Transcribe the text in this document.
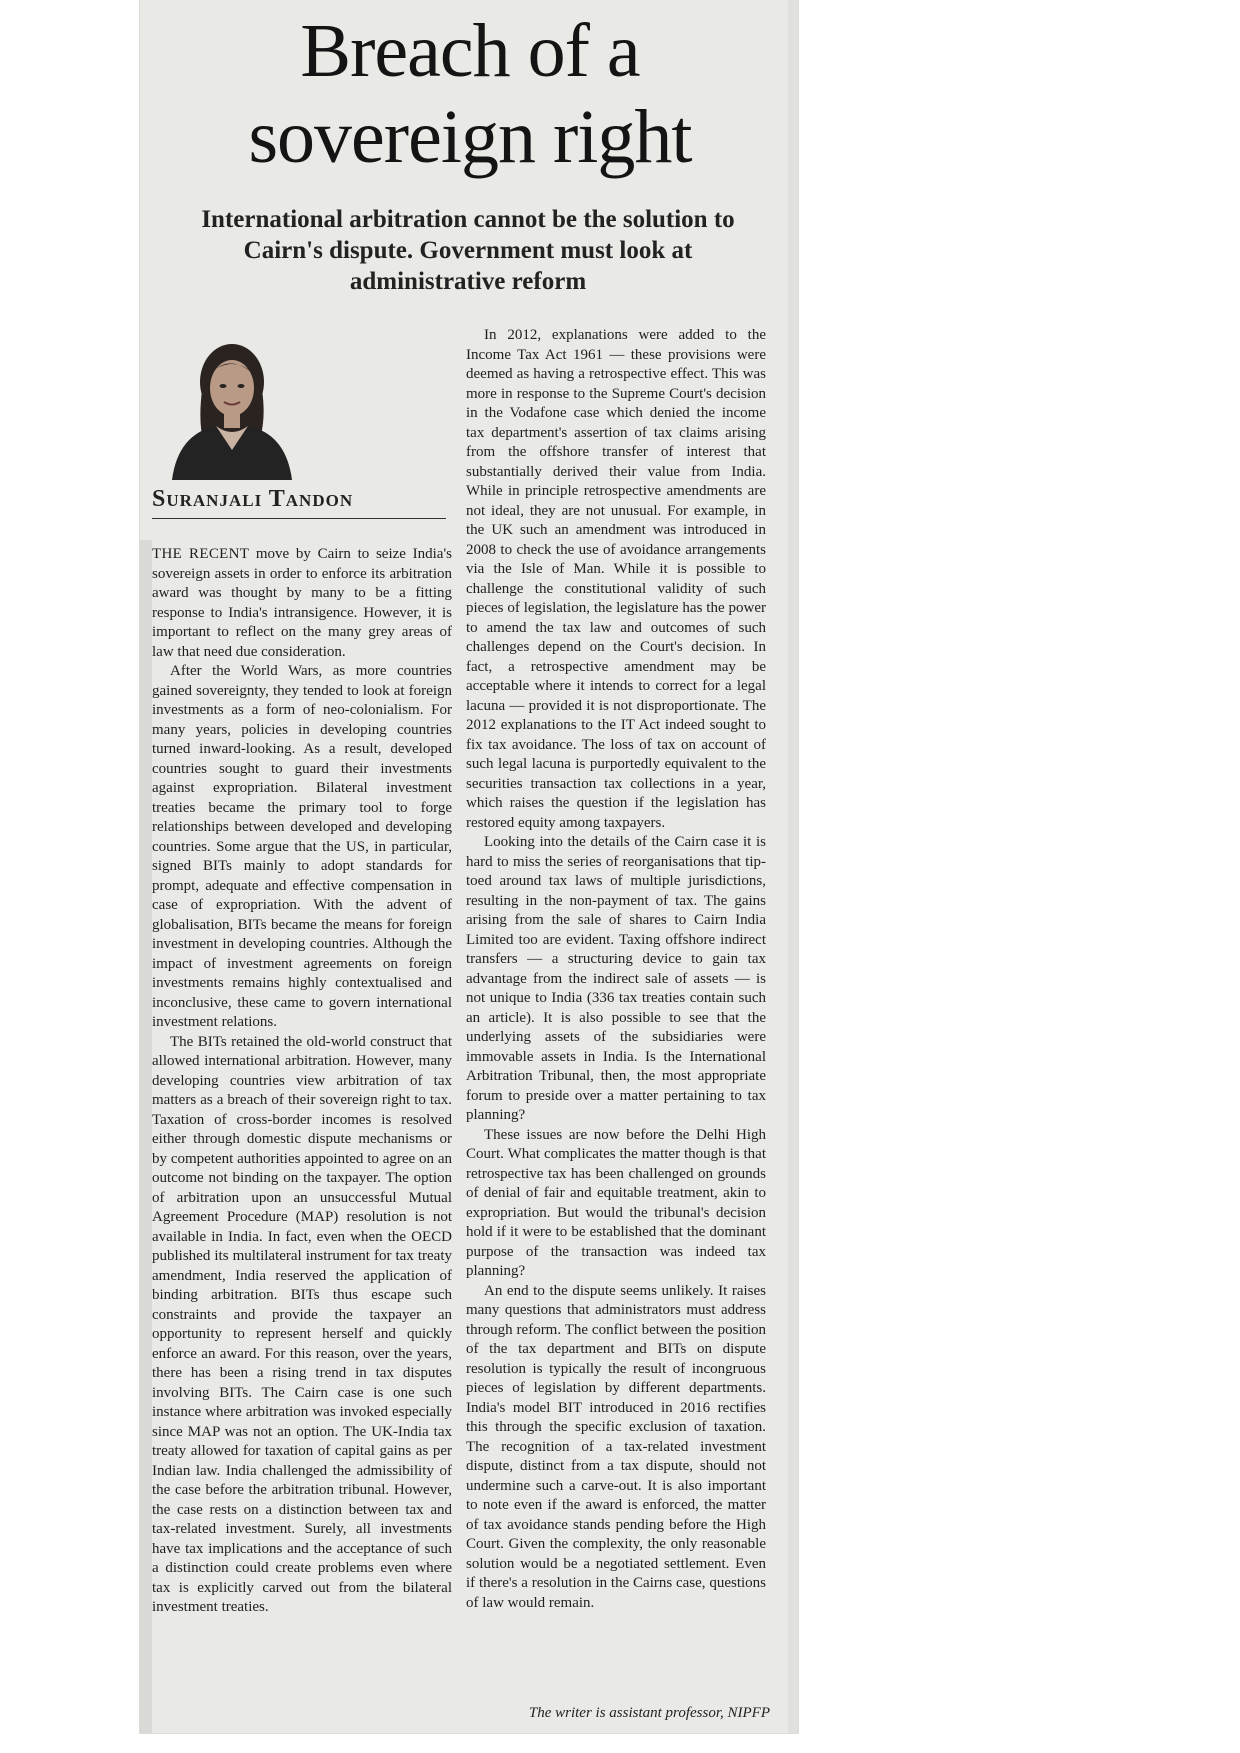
Breach of a sovereign right
International arbitration cannot be the solution to Cairn's dispute. Government must look at administrative reform
Suranjali Tandon

THE RECENT move by Cairn to seize India's sovereign assets in order to enforce its arbitration award was thought by many to be a fitting response to India's intransigence. However, it is important to reflect on the many grey areas of law that need due consideration.

After the World Wars, as more countries gained sovereignty, they tended to look at foreign investments as a form of neo-colonialism. For many years, policies in developing countries turned inward-looking. As a result, developed countries sought to guard their investments against expropriation. Bilateral investment treaties became the primary tool to forge relationships between developed and developing countries. Some argue that the US, in particular, signed BITs mainly to adopt standards for prompt, adequate and effective compensation in case of expropriation. With the advent of globalisation, BITs became the means for foreign investment in developing countries. Although the impact of investment agreements on foreign investments remains highly contextualised and inconclusive, these came to govern international investment relations.

The BITs retained the old-world construct that allowed international arbitration. However, many developing countries view arbitration of tax matters as a breach of their sovereign right to tax. Taxation of cross-border incomes is resolved either through domestic dispute mechanisms or by competent authorities appointed to agree on an outcome not binding on the taxpayer. The option of arbitration upon an unsuccessful Mutual Agreement Procedure (MAP) resolution is not available in India. In fact, even when the OECD published its multilateral instrument for tax treaty amendment, India reserved the application of binding arbitration. BITs thus escape such constraints and provide the taxpayer an opportunity to represent herself and quickly enforce an award. For this reason, over the years, there has been a rising trend in tax disputes involving BITs. The Cairn case is one such instance where arbitration was invoked especially since MAP was not an option. The UK-India tax treaty allowed for taxation of capital gains as per Indian law. India challenged the admissibility of the case before the arbitration tribunal. However, the case rests on a distinction between tax and tax-related investment. Surely, all investments have tax implications and the acceptance of such a distinction could create problems even where tax is explicitly carved out from the bilateral investment treaties.

In 2012, explanations were added to the Income Tax Act 1961 — these provisions were deemed as having a retrospective effect. This was more in response to the Supreme Court's decision in the Vodafone case which denied the income tax department's assertion of tax claims arising from the offshore transfer of interest that substantially derived their value from India. While in principle retrospective amendments are not ideal, they are not unusual. For example, in the UK such an amendment was introduced in 2008 to check the use of avoidance arrangements via the Isle of Man. While it is possible to challenge the constitutional validity of such pieces of legislation, the legislature has the power to amend the tax law and outcomes of such challenges depend on the Court's decision. In fact, a retrospective amendment may be acceptable where it intends to correct for a legal lacuna — provided it is not disproportionate. The 2012 explanations to the IT Act indeed sought to fix tax avoidance. The loss of tax on account of such legal lacuna is purportedly equivalent to the securities transaction tax collections in a year, which raises the question if the legislation has restored equity among taxpayers.

Looking into the details of the Cairn case it is hard to miss the series of reorganisations that tip-toed around tax laws of multiple jurisdictions, resulting in the non-payment of tax. The gains arising from the sale of shares to Cairn India Limited too are evident. Taxing offshore indirect transfers — a structuring device to gain tax advantage from the indirect sale of assets — is not unique to India (336 tax treaties contain such an article). It is also possible to see that the underlying assets of the subsidiaries were immovable assets in India. Is the International Arbitration Tribunal, then, the most appropriate forum to preside over a matter pertaining to tax planning?

These issues are now before the Delhi High Court. What complicates the matter though is that retrospective tax has been challenged on grounds of denial of fair and equitable treatment, akin to expropriation. But would the tribunal's decision hold if it were to be established that the dominant purpose of the transaction was indeed tax planning?

An end to the dispute seems unlikely. It raises many questions that administrators must address through reform. The conflict between the position of the tax department and BITs on dispute resolution is typically the result of incongruous pieces of legislation by different departments. India's model BIT introduced in 2016 rectifies this through the specific exclusion of taxation. The recognition of a tax-related investment dispute, distinct from a tax dispute, should not undermine such a carve-out. It is also important to note even if the award is enforced, the matter of tax avoidance stands pending before the High Court. Given the complexity, the only reasonable solution would be a negotiated settlement. Even if there's a resolution in the Cairns case, questions of law would remain.

The writer is assistant professor, NIPFP
